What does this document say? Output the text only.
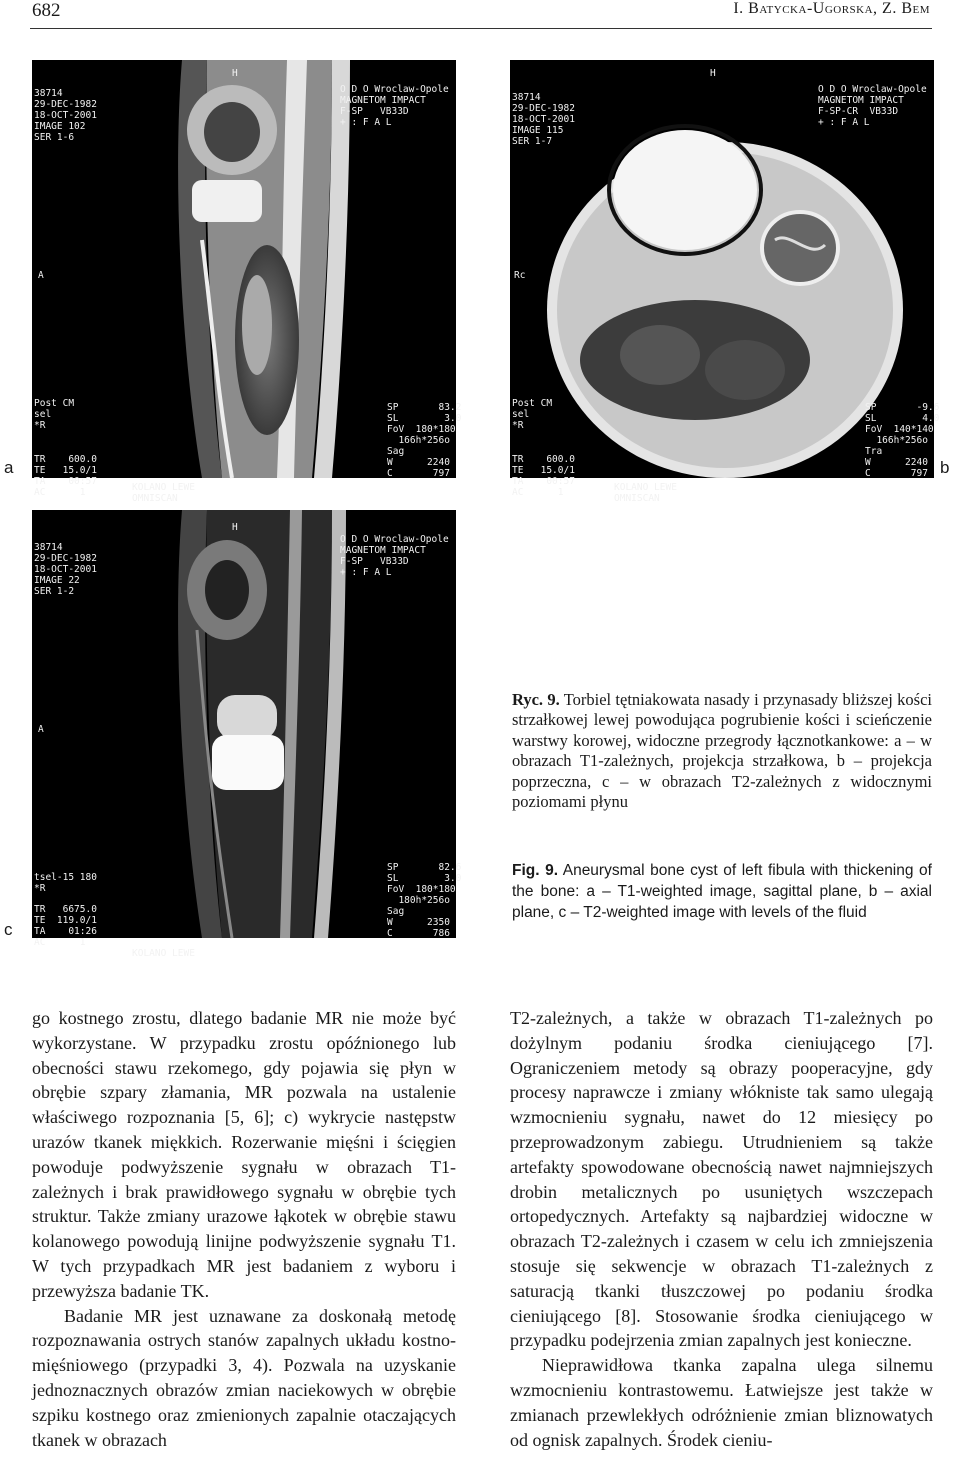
682	I. Batycka-Ugorska, Z. Bem

38714
29-DEC-1982
18-OCT-2001
IMAGE 102
SER 1-6

H

O D O Wroclaw-Opole
MAGNETOM IMPACT
F-SP   VB33D
+ : F A L

A

Post CM
sel
*R

TR    600.0
TE   15.0/1
TA    00:57
AC      1

	KOLANO LEWE
OMNISCAN

SP       83.2
SL        3.0
FoV  180*180
166h*256o
Sag
W      2240
C       797

a

38714
29-DEC-1982
18-OCT-2001
IMAGE 115
SER 1-7

H

O D O Wroclaw-Opole
MAGNETOM IMPACT
F-SP-CR  VB33D
+ : F A L

Rc

Post CM
sel
*R

TR    600.0
TE   15.0/1
TA    00:57
AC      1

	KOLANO LEWE
OMNISCAN

SP       -9.6
SL        4.0
FoV  140*140
166h*256o
Tra
W      2240
C       797

b

38714
29-DEC-1982
18-OCT-2001
IMAGE 22
SER 1-2

H

O D O Wroclaw-Opole
MAGNETOM IMPACT
F-SP   VB33D
+ : F A L

A

tsel-15 180
*R

TR   6675.0
TE  119.0/1
TA    01:26
AC      1

KOLANO LEWE

SP       82.6
SL        3.0
FoV  180*180
180h*256o
Sag
W      2350
C       786

c
Ryc. 9. Torbiel tętniakowata nasady i przynasady bliższej kości strzałkowej lewej powodująca pogrubienie kości i scieńczenie warstwy korowej, widoczne przegrody łącznotkankowe: a – w obrazach T1-zależnych, projekcja strzałkowa, b – projekcja poprzeczna, c – w obrazach T2-zależnych z widocznymi poziomami płynu
Fig. 9. Aneurysmal bone cyst of left fibula with thickening of the bone: a – T1-weighted image, sagittal plane, b – axial plane, c – T2-weighted image with levels of the fluid

go kostnego zrostu, dlatego badanie MR nie może być wykorzystane. W przypadku zrostu opóźnionego lub obecności stawu rzekomego, gdy pojawia się płyn w obrębie szpary złamania, MR pozwala na ustalenie właściwego rozpoznania [5, 6]; c) wykrycie następstw urazów tkanek miękkich. Rozerwanie mięśni i ścięgien powoduje podwyższenie sygnału w obrazach T1-zależnych i brak prawidłowego sygnału w obrębie tych struktur. Także zmiany urazowe łąkotek w obrębie stawu kolanowego powodują linijne podwyższenie sygnału T1. W tych przypadkach MR jest badaniem z wyboru i przewyższa badanie TK.

Badanie MR jest uznawane za doskonałą metodę rozpoznawania ostrych stanów zapalnych układu kostno-mięśniowego (przypadki 3, 4). Pozwala na uzyskanie jednoznacznych obrazów zmian naciekowych w obrębie szpiku kostnego oraz zmienionych zapalnie otaczających tkanek w obrazach

T2-zależnych, a także w obrazach T1-zależnych po dożylnym podaniu środka cieniującego [7]. Ograniczeniem metody są obrazy pooperacyjne, gdy procesy naprawcze i zmiany włókniste tak samo ulegają wzmocnieniu sygnału, nawet do 12 miesięcy po przeprowadzonym zabiegu. Utrudnieniem są także artefakty spowodowane obecnością nawet najmniejszych drobin metalicznych po usuniętych wszczepach ortopedycznych. Artefakty są najbardziej widoczne w obrazach T2-zależnych i czasem w celu ich zmniejszenia stosuje się sekwencje w obrazach T1-zależnych z saturacją tkanki tłuszczowej po podaniu środka cieniującego [8]. Stosowanie środka cieniującego w przypadku podejrzenia zmian zapalnych jest konieczne.

Nieprawidłowa tkanka zapalna ulega silnemu wzmocnieniu kontrastowemu. Łatwiejsze jest także w zmianach przewlekłych odróżnienie zmian bliznowatych od ognisk zapalnych. Środek cieniu-
